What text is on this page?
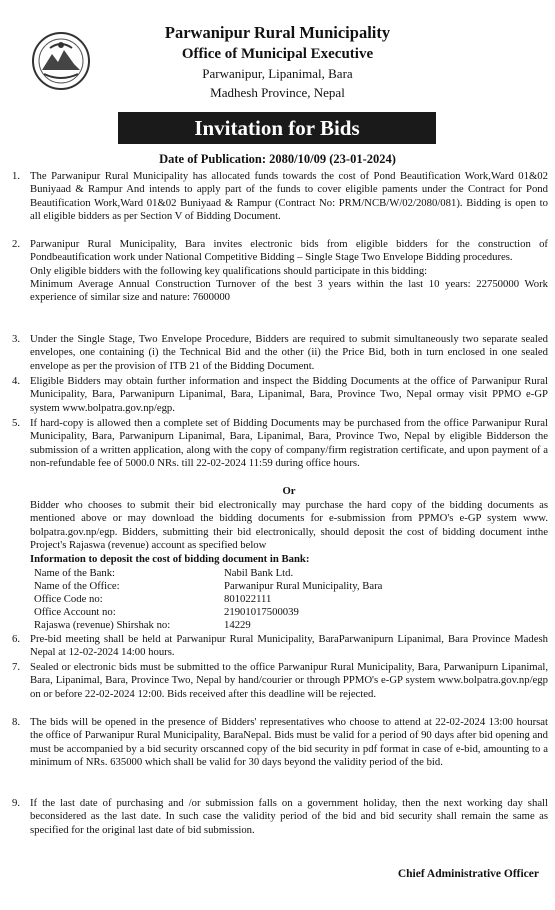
Parwanipur Rural Municipality
Office of Municipal Executive
Parwanipur, Lipanimal, Bara
Madhesh Province, Nepal
Invitation for Bids
Date of Publication: 2080/10/09 (23-01-2024)
1. The Parwanipur Rural Municipality has allocated funds towards the cost of Pond Beautification Work,Ward 01&02 Buniyaad & Rampur And intends to apply part of the funds to cover eligible paments under the Contract for Pond Beautification Work,Ward 01&02 Buniyaad & Rampur (Contract No: PRM/NCB/W/02/2080/081). Bidding is open to all eligible bidders as per Section V of Bidding Document.
2. Parwanipur Rural Municipality, Bara invites electronic bids from eligible bidders for the construction of Pondbeautification work under National Competitive Bidding – Single Stage Two Envelope Bidding procedures.
Only eligible bidders with the following key qualifications should participate in this bidding:
Minimum Average Annual Construction Turnover of the best 3 years within the last 10 years: 22750000 Work experience of similar size and nature: 7600000
3. Under the Single Stage, Two Envelope Procedure, Bidders are required to submit simultaneously two separate sealed envelopes, one containing (i) the Technical Bid and the other (ii) the Price Bid, both in turn enclosed in one sealed envelope as per the provision of ITB 21 of the Bidding Document.
4. Eligible Bidders may obtain further information and inspect the Bidding Documents at the office of Parwanipur Rural Municipality, Bara, Parwanipurn Lipanimal, Bara, Lipanimal, Bara, Province Two, Nepal ormay visit PPMO e-GP system www.bolpatra.gov.np/egp.
5. If hard-copy is allowed then a complete set of Bidding Documents may be purchased from the office Parwanipur Rural Municipality, Bara, Parwanipurn Lipanimal, Bara, Lipanimal, Bara, Province Two, Nepal by eligible Bidderson the submission of a written application, along with the copy of company/firm registration certificate, and upon payment of a non-refundable fee of 5000.0 NRs. till 22-02-2024 11:59 during office hours.
Or
Bidder who chooses to submit their bid electronically may purchase the hard copy of the bidding documents as mentioned above or may download the bidding documents for e-submission from PPMO's e-GP system www. bolpatra.gov.np/egp. Bidders, submitting their bid electronically, should deposit the cost of bidding document inthe Project's Rajaswa (revenue) account as specified below
Information to deposit the cost of bidding document in Bank:
Name of the Bank:	Nabil Bank Ltd.
Name of the Office:	Parwanipur Rural Municipality, Bara
Office Code no:	801022111
Office Account no:	21901017500039
Rajaswa (revenue) Shirshak no:	14229
6. Pre-bid meeting shall be held at Parwanipur Rural Municipality, BaraParwanipurn Lipanimal, Bara Province Madesh Nepal at 12-02-2024 14:00 hours.
7. Sealed or electronic bids must be submitted to the office Parwanipur Rural Municipality, Bara, Parwanipurn Lipanimal, Bara, Lipanimal, Bara, Province Two, Nepal by hand/courier or through PPMO's e-GP system www.bolpatra.gov.np/egp on or before 22-02-2024 12:00. Bids received after this deadline will be rejected.
8. The bids will be opened in the presence of Bidders' representatives who choose to attend at 22-02-2024 13:00 hoursat the office of Parwanipur Rural Municipality, BaraNepal. Bids must be valid for a period of 90 days after bid opening and must be accompanied by a bid security orscanned copy of the bid security in pdf format in case of e-bid, amounting to a minimum of NRs. 635000 which shall be valid for 30 days beyond the validity period of the bid.
9. If the last date of purchasing and /or submission falls on a government holiday, then the next working day shall beconsidered as the last date. In such case the validity period of the bid and bid security shall remain the same as specified for the original last date of bid submission.
Chief Administrative Officer
